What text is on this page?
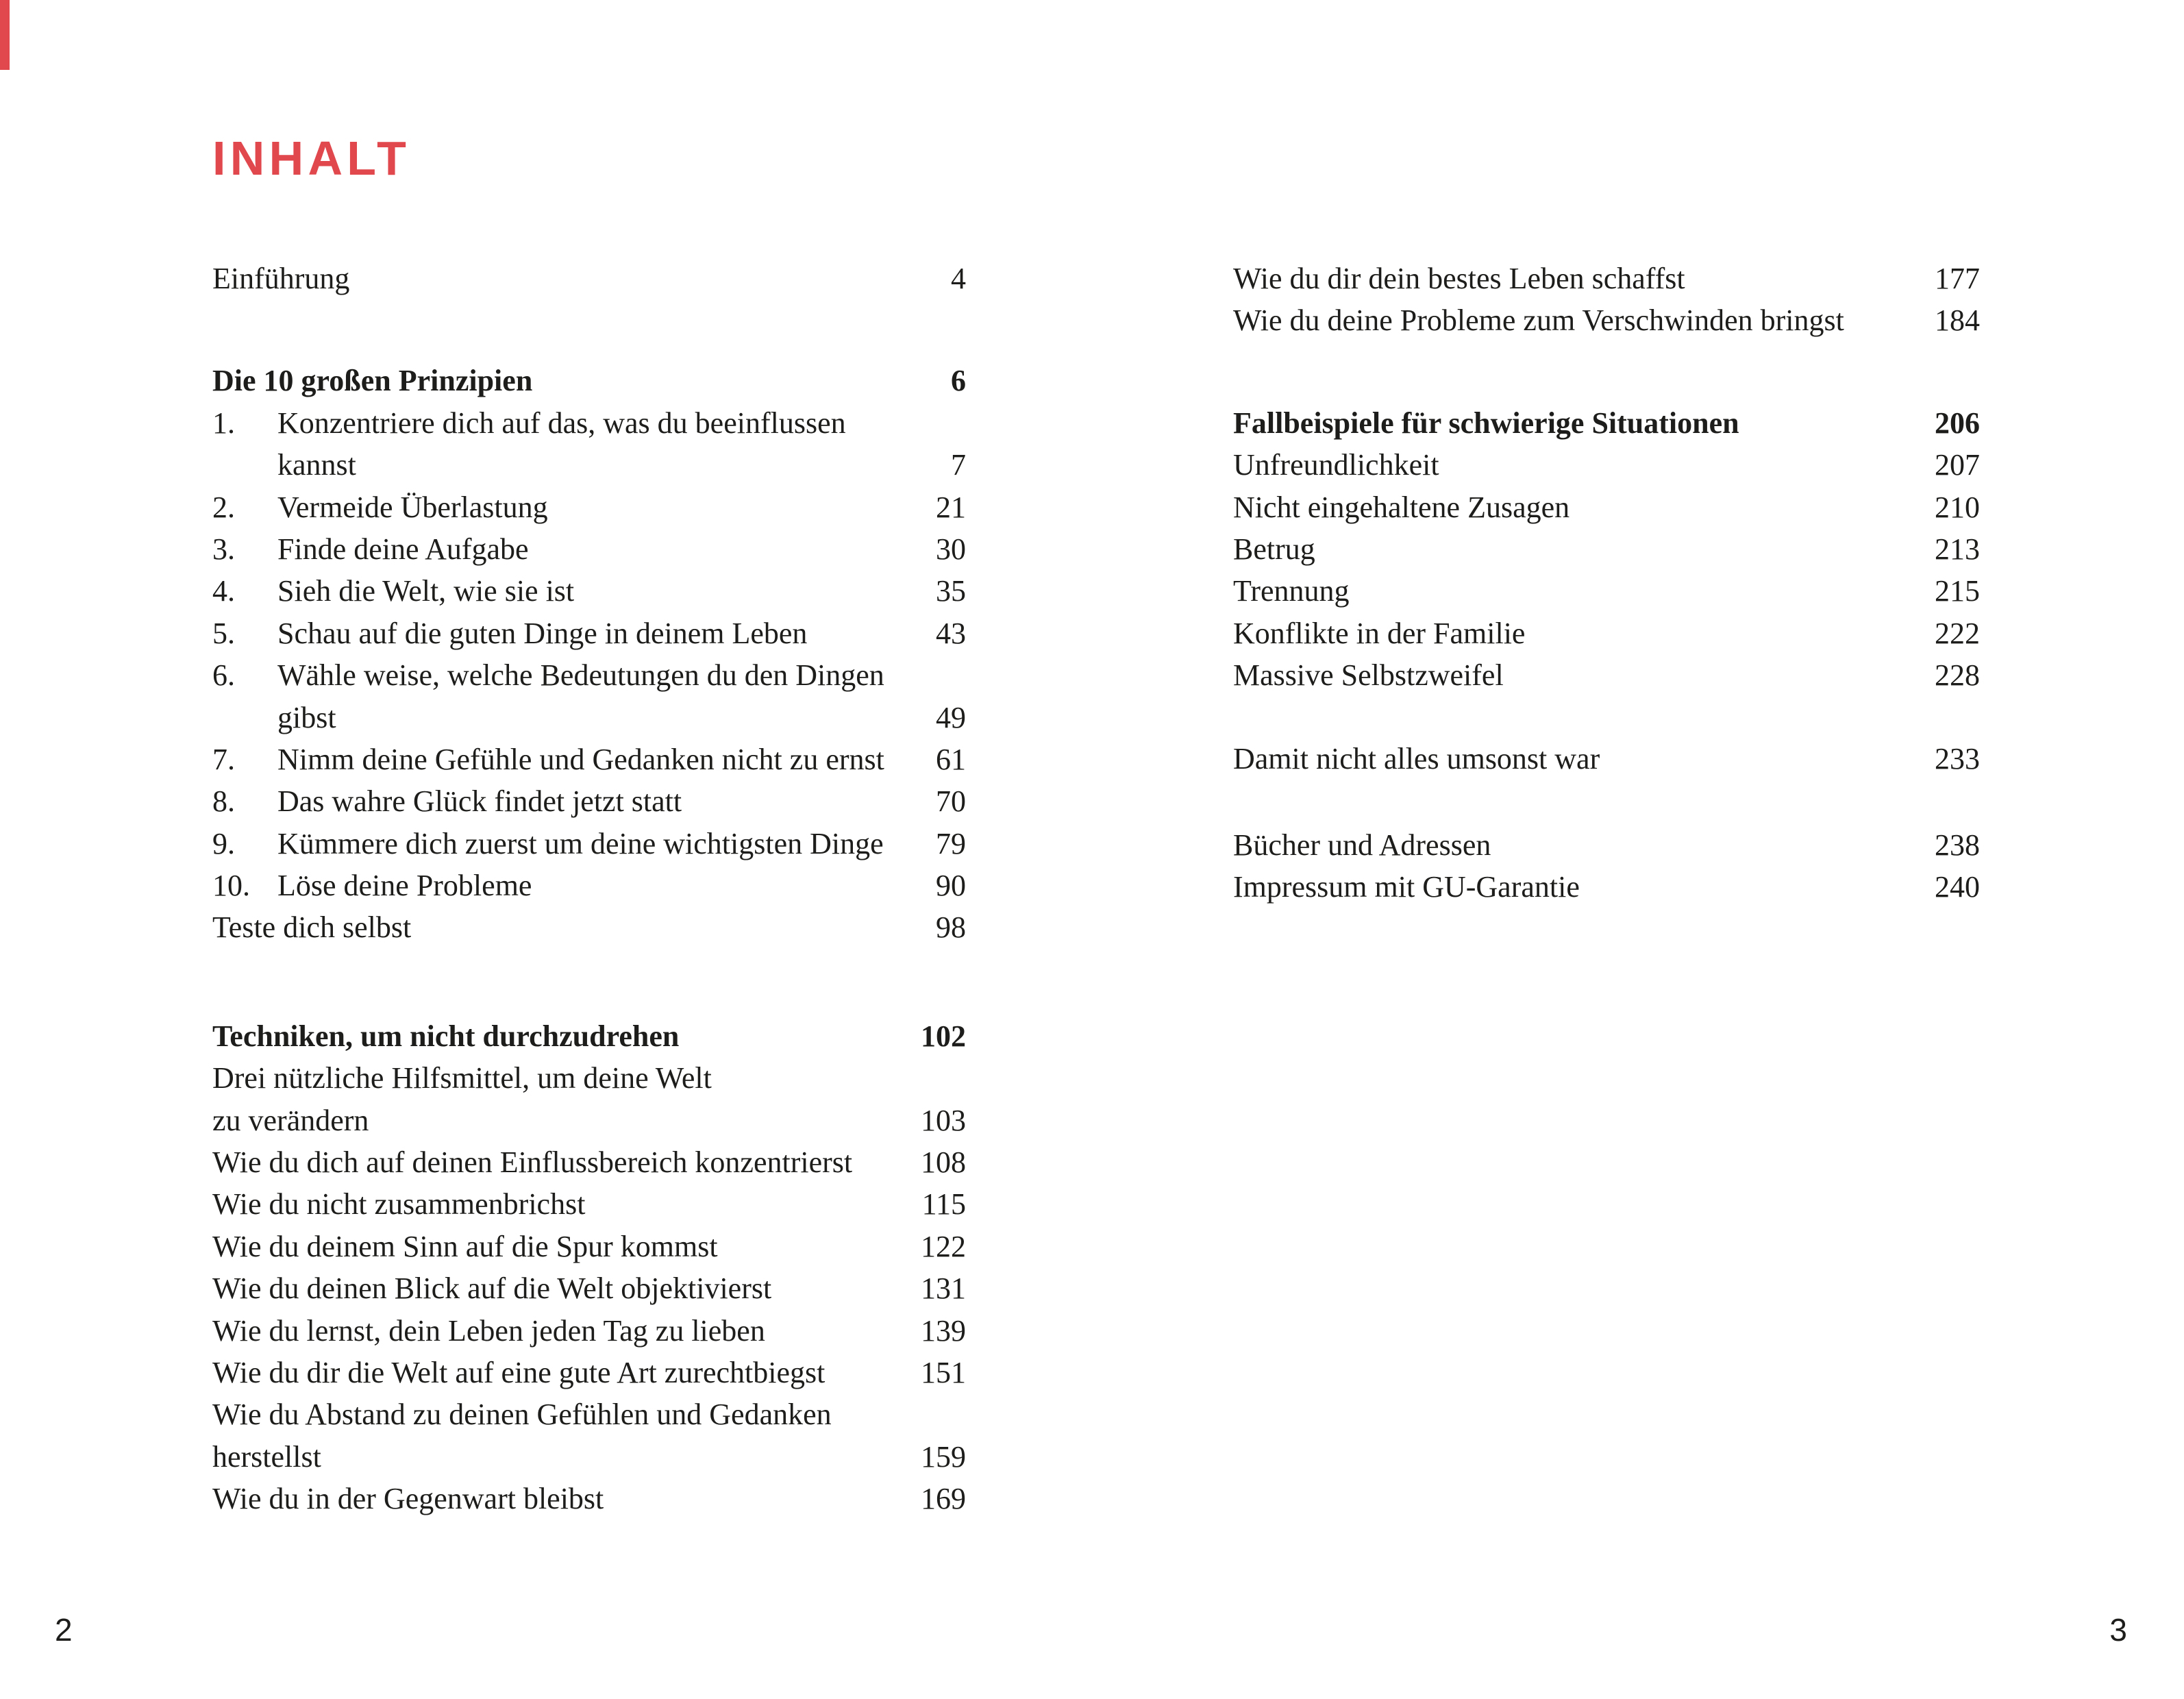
INHALT
Einführung	4
Die 10 großen Prinzipien	6
1.	Konzentriere dich auf das, was du beeinflussen
kannst	7
2.	Vermeide Überlastung	21
3.	Finde deine Aufgabe	30
4.	Sieh die Welt, wie sie ist	35
5.	Schau auf die guten Dinge in deinem Leben	43
6.	Wähle weise, welche Bedeutungen du den Dingen
gibst	49
7.	Nimm deine Gefühle und Gedanken nicht zu ernst	61
8.	Das wahre Glück findet jetzt statt	70
9.	Kümmere dich zuerst um deine wichtigsten Dinge	79
10. Löse deine Probleme	90
Teste dich selbst	98
Techniken, um nicht durchzudrehen	102
Drei nützliche Hilfsmittel, um deine Welt
zu verändern	103
Wie du dich auf deinen Einflussbereich konzentrierst	108
Wie du nicht zusammenbrichst	115
Wie du deinem Sinn auf die Spur kommst	122
Wie du deinen Blick auf die Welt objektivierst	131
Wie du lernst, dein Leben jeden Tag zu lieben	139
Wie du dir die Welt auf eine gute Art zurechtbiegst	151
Wie du Abstand zu deinen Gefühlen und Gedanken
herstellst	159
Wie du in der Gegenwart bleibst	169
Wie du dir dein bestes Leben schaffst	177
Wie du deine Probleme zum Verschwinden bringst	184
Fallbeispiele für schwierige Situationen	206
Unfreundlichkeit	207
Nicht eingehaltene Zusagen	210
Betrug	213
Trennung	215
Konflikte in der Familie	222
Massive Selbstzweifel	228
Damit nicht alles umsonst war	233
Bücher und Adressen	238
Impressum mit GU-Garantie	240
2	3
